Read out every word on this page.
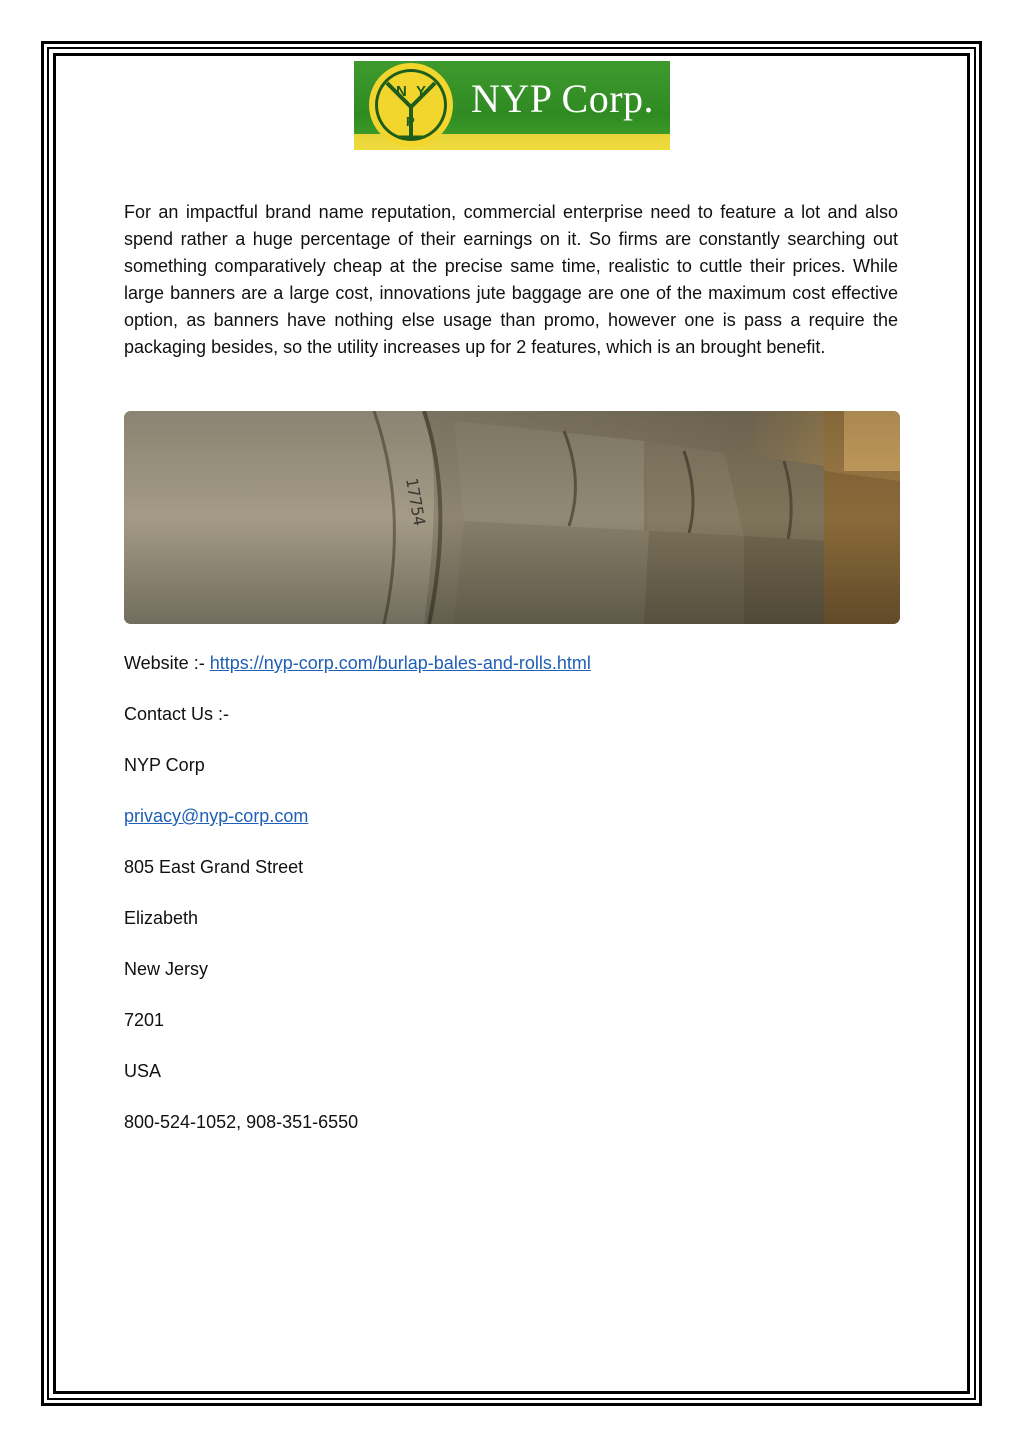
N Y
P
NYP Corp.

For an impactful brand name reputation, commercial enterprise need to feature a lot and also spend rather a huge percentage of their earnings on it. So firms are constantly searching out something comparatively cheap at the precise same time, realistic to cuttle their prices. While large banners are a large cost, innovations jute baggage are one of the maximum cost effective option, as banners have nothing else usage than promo, however one is pass a require the packaging besides, so the utility increases up for 2 features, which is an brought benefit.

17754

Website :- https://nyp-corp.com/burlap-bales-and-rolls.html

Contact Us :-

NYP Corp

privacy@nyp-corp.com

805 East Grand Street

Elizabeth

New Jersy

7201

USA

800-524-1052, 908-351-6550
